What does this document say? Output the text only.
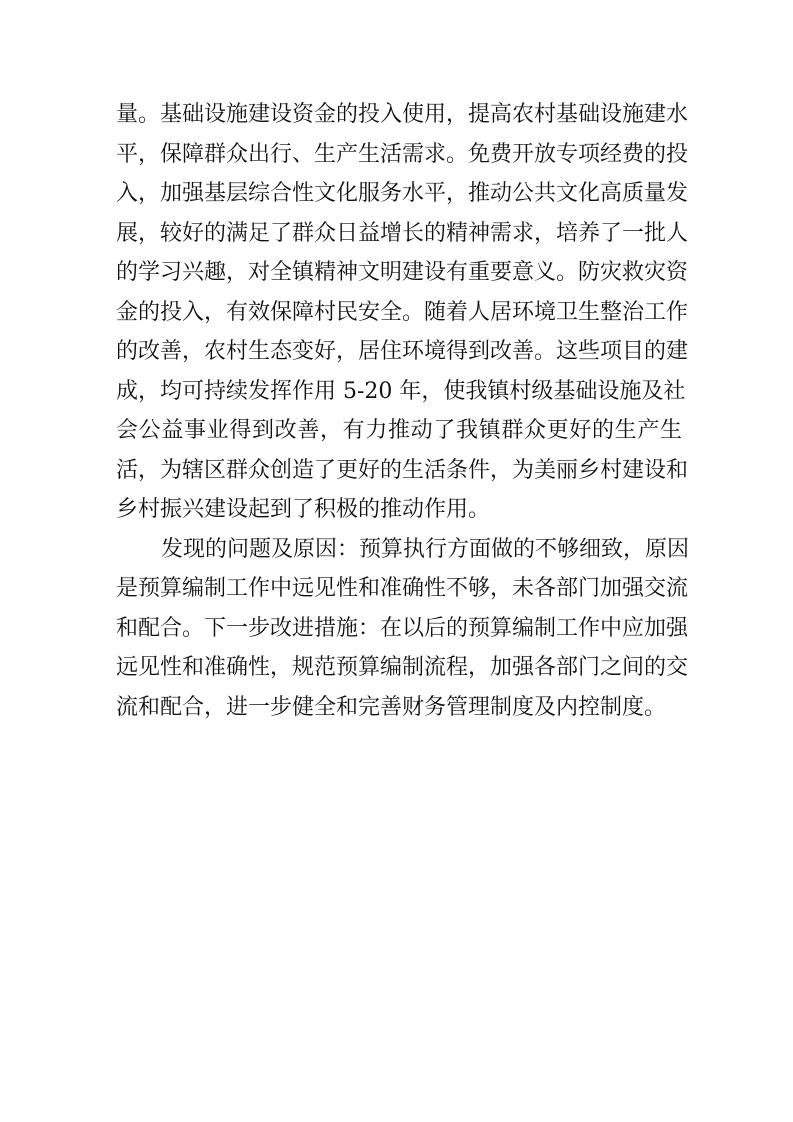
量。基础设施建设资金的投入使用，提高农村基础设施建水
平，保障群众出行、生产生活需求。免费开放专项经费的投
入，加强基层综合性文化服务水平，推动公共文化高质量发
展，较好的满足了群众日益增长的精神需求，培养了一批人
的学习兴趣，对全镇精神文明建设有重要意义。防灾救灾资
金的投入，有效保障村民安全。随着人居环境卫生整治工作
的改善，农村生态变好，居住环境得到改善。这些项目的建
成，均可持续发挥作用 5-20 年，使我镇村级基础设施及社
会公益事业得到改善，有力推动了我镇群众更好的生产生
活，为辖区群众创造了更好的生活条件，为美丽乡村建设和
乡村振兴建设起到了积极的推动作用。
发现的问题及原因：预算执行方面做的不够细致，原因
是预算编制工作中远见性和准确性不够，未各部门加强交流
和配合。下一步改进措施：在以后的预算编制工作中应加强
远见性和准确性，规范预算编制流程，加强各部门之间的交
流和配合，进一步健全和完善财务管理制度及内控制度。
